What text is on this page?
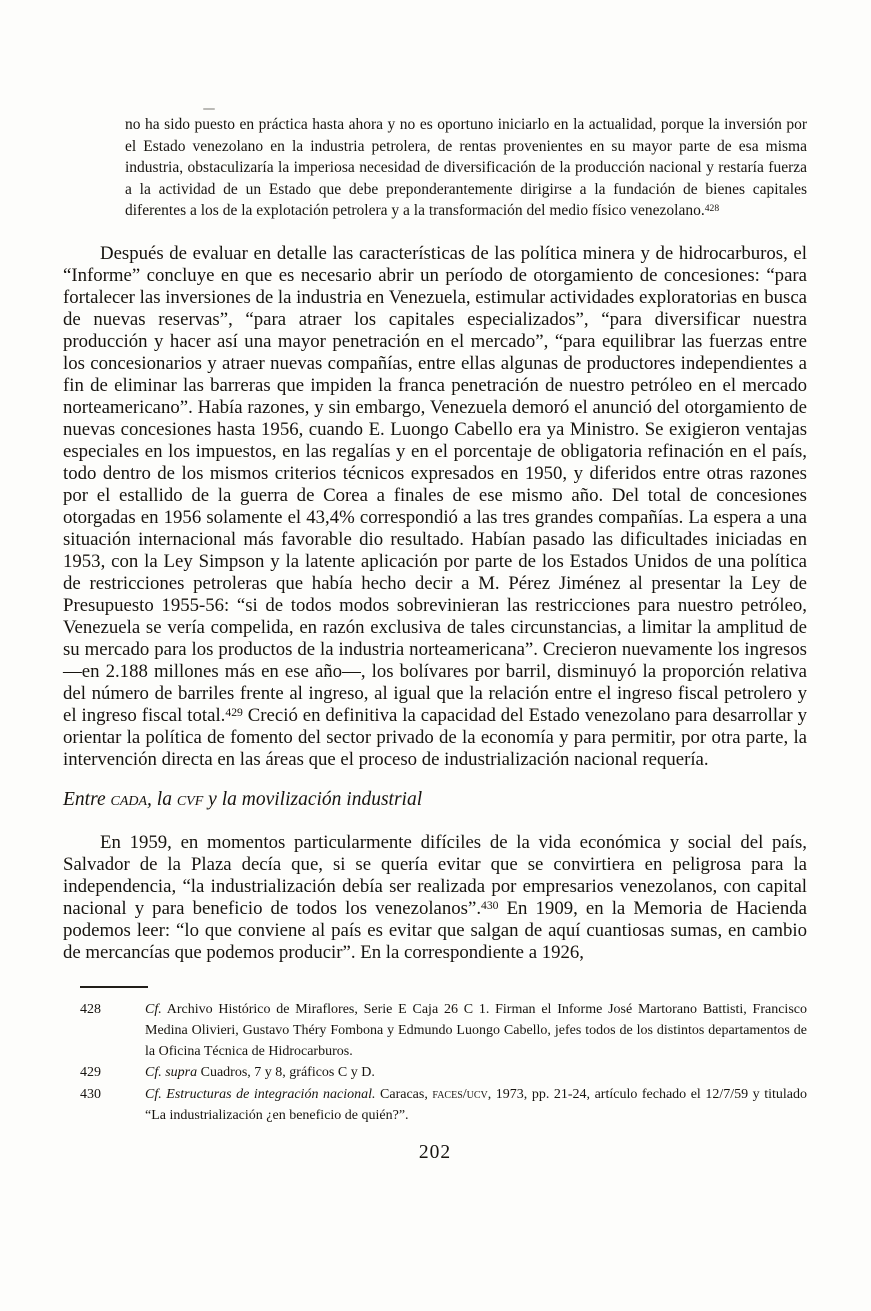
no ha sido puesto en práctica hasta ahora y no es oportuno iniciarlo en la actualidad, porque la inversión por el Estado venezolano en la industria petrolera, de rentas provenientes en su mayor parte de esa misma industria, obstaculizaría la imperiosa necesidad de diversificación de la producción nacional y restaría fuerza a la actividad de un Estado que debe preponderantemente dirigirse a la fundación de bienes capitales diferentes a los de la explotación petrolera y a la transformación del medio físico venezolano.$^{428}$

Después de evaluar en detalle las características de las política minera y de hidrocarburos, el “Informe” concluye en que es necesario abrir un período de otorgamiento de concesiones: “para fortalecer las inversiones de la industria en Venezuela, estimular actividades exploratorias en busca de nuevas reservas”, “para atraer los capitales especializados”, “para diversificar nuestra producción y hacer así una mayor penetración en el mercado”, “para equilibrar las fuerzas entre los concesionarios y atraer nuevas compañías, entre ellas algunas de productores independientes a fin de eliminar las barreras que impiden la franca penetración de nuestro petróleo en el mercado norteamericano”. Había razones, y sin embargo, Venezuela demoró el anunció del otorgamiento de nuevas concesiones hasta 1956, cuando E. Luongo Cabello era ya Ministro. Se exigieron ventajas especiales en los impuestos, en las regalías y en el porcentaje de obligatoria refinación en el país, todo dentro de los mismos criterios técnicos expresados en 1950, y diferidos entre otras razones por el estallido de la guerra de Corea a finales de ese mismo año. Del total de concesiones otorgadas en 1956 solamente el 43,4% correspondió a las tres grandes compañías. La espera a una situación internacional más favorable dio resultado. Habían pasado las dificultades iniciadas en 1953, con la Ley Simpson y la latente aplicación por parte de los Estados Unidos de una política de restricciones petroleras que había hecho decir a M. Pérez Jiménez al presentar la Ley de Presupuesto 1955-56: “si de todos modos sobrevinieran las restricciones para nuestro petróleo, Venezuela se vería compelida, en razón exclusiva de tales circunstancias, a limitar la amplitud de su mercado para los productos de la industria norteamericana”. Crecieron nuevamente los ingresos —en 2.188 millones más en ese año—, los bolívares por barril, disminuyó la proporción relativa del número de barriles frente al ingreso, al igual que la relación entre el ingreso fiscal petrolero y el ingreso fiscal total.$^{429}$ Creció en definitiva la capacidad del Estado venezolano para desarrollar y orientar la política de fomento del sector privado de la economía y para permitir, por otra parte, la intervención directa en las áreas que el proceso de industrialización nacional requería.

Entre cada, la cvf y la movilización industrial

En 1959, en momentos particularmente difíciles de la vida económica y social del país, Salvador de la Plaza decía que, si se quería evitar que se convirtiera en peligrosa para la independencia, “la industrialización debía ser realizada por empresarios venezolanos, con capital nacional y para beneficio de todos los venezolanos”.$^{430}$ En 1909, en la Memoria de Hacienda podemos leer: “lo que conviene al país es evitar que salgan de aquí cuantiosas sumas, en cambio de mercancías que podemos producir”. En la correspondiente a 1926,

428	Cf. Archivo Histórico de Miraflores, Serie E Caja 26 C 1. Firman el Informe José Martorano Battisti, Francisco Medina Olivieri, Gustavo Théry Fombona y Edmundo Luongo Cabello, jefes todos de los distintos departamentos de la Oficina Técnica de Hidrocarburos.
429	Cf. supra Cuadros, 7 y 8, gráficos C y D.
430	Cf. Estructuras de integración nacional. Caracas, faces/ucv, 1973, pp. 21-24, artículo fechado el 12/7/59 y titulado “La industrialización ¿en beneficio de quién?”.
202
